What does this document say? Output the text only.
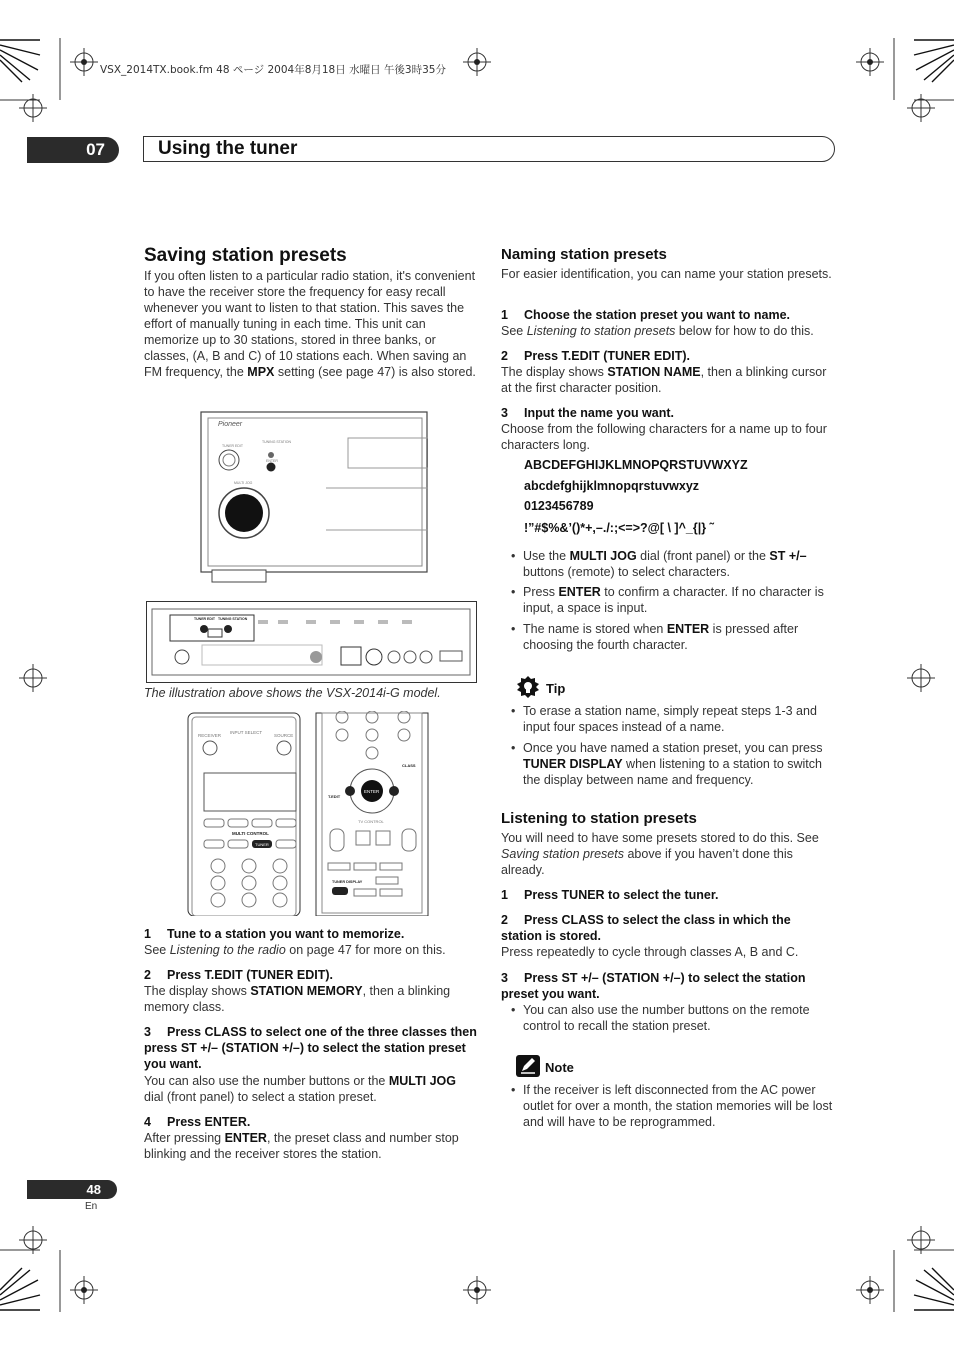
VSX_2014TX.book.fm 48 ページ 2004年8月18日 水曜日 午後3時35分
07	Using the tuner
Saving station presets

If you often listen to a particular radio station, it's convenient to have the receiver store the frequency for easy recall whenever you want to listen to that station. This saves the effort of manually tuning in each time. This unit can memorize up to 30 stations, stored in three banks, or classes, (A, B and C) of 10 stations each. When saving an FM frequency, the MPX setting (see page 47) is also stored.

Pioneer
TUNER EDIT
TUNING STATION
ENTER
MULTI JOG
TUNER EDIT TUNING STATION
The illustration above shows the VSX-2014i-G model.
RECEIVER
INPUT SELECT
SOURCE
MULTI CONTROL
TUNER
CLASS
ENTER
T.EDIT
TV CONTROL
TUNER DISPLAY

1 Tune to a station you want to memorize.

See Listening to the radio on page 47 for more on this.

2 Press T.EDIT (TUNER EDIT).

The display shows STATION MEMORY, then a blinking memory class.

3 Press CLASS to select one of the three classes then press ST +/– (STATION +/–) to select the station preset you want.

You can also use the number buttons or the MULTI JOG dial (front panel) to select a station preset.

4 Press ENTER.

After pressing ENTER, the preset class and number stop blinking and the receiver stores the station.

Naming station presets

For easier identification, you can name your station presets.

1 Choose the station preset you want to name.

See Listening to station presets below for how to do this.

2 Press T.EDIT (TUNER EDIT).

The display shows STATION NAME, then a blinking cursor at the first character position.

3 Input the name you want.

Choose from the following characters for a name up to four characters long.

ABCDEFGHIJKLMNOPQRSTUVWXYZ
abcdefghijklmnopqrstuvwxyz
0123456789
!”#$%&’()*+,–./:;<=>?@[ \ ]^_{|} ˜

• Use the MULTI JOG dial (front panel) or the ST +/– buttons (remote) to select characters.

• Press ENTER to confirm a character. If no character is input, a space is input.

• The name is stored when ENTER is pressed after choosing the fourth character.

Tip

• To erase a station name, simply repeat steps 1-3 and input four spaces instead of a name.

• Once you have named a station preset, you can press TUNER DISPLAY when listening to a station to switch the display between name and frequency.

Listening to station presets

You will need to have some presets stored to do this. See Saving station presets above if you haven’t done this already.

1 Press TUNER to select the tuner.

2 Press CLASS to select the class in which the station is stored.

Press repeatedly to cycle through classes A, B and C.

3 Press ST +/– (STATION +/–) to select the station preset you want.

• You can also use the number buttons on the remote control to recall the station preset.

Note

• If the receiver is left disconnected from the AC power outlet for over a month, the station memories will be lost and will have to be reprogrammed.

48
En
